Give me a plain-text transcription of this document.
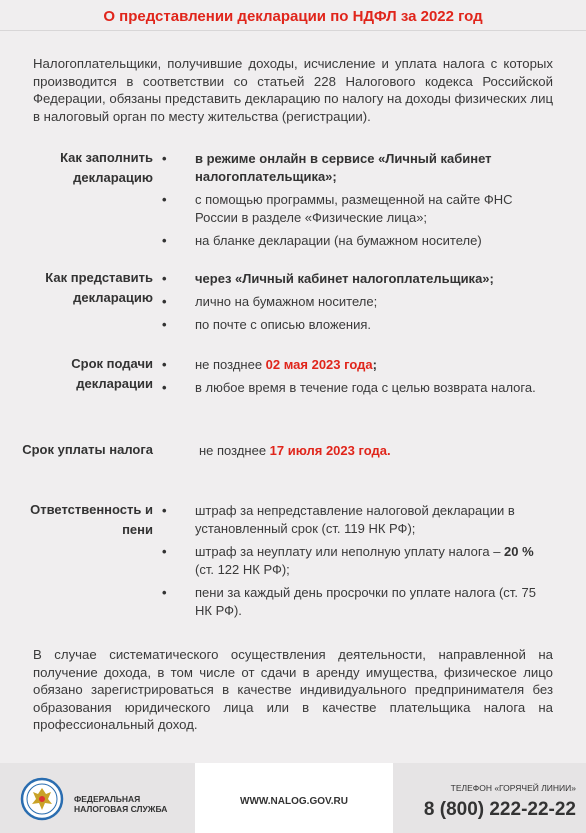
О представлении декларации по НДФЛ за 2022 год
Налогоплательщики, получившие доходы, исчисление и уплата налога с которых производится в соответствии со статьей 228 Налогового кодекса Российской Федерации, обязаны представить декларацию по налогу на доходы физических лиц в налоговый орган по месту жительства (регистрации).
Как заполнить декларацию
• в режиме онлайн в сервисе «Личный кабинет налогоплательщика»;
• с помощью программы, размещенной на сайте ФНС России в разделе «Физические лица»;
• на бланке декларации (на бумажном носителе)
Как представить декларацию
• через «Личный кабинет налогоплательщика»;
• лично на бумажном носителе;
• по почте с описью вложения.
Срок подачи декларации
• не позднее 02 мая 2023 года;
• в любое время в течение года с целью возврата налога.
Срок уплаты налога	не позднее 17 июля 2023 года.
Ответственность и пени
• штраф за непредставление налоговой декларации в установленный срок (ст. 119 НК РФ);
• штраф за неуплату или неполную уплату налога – 20 % (ст. 122 НК РФ);
• пени за каждый день просрочки по уплате налога (ст. 75 НК РФ).
В случае систематического осуществления деятельности, направленной на получение дохода, в том числе от сдачи в аренду имущества, физическое лицо обязано зарегистрироваться в качестве индивидуального предпринимателя без образования юридического лица или в качестве плательщика налога на профессиональный доход.
ФЕДЕРАЛЬНАЯ
НАЛОГОВАЯ СЛУЖБА
WWW.NALOG.GOV.RU
ТЕЛЕФОН «ГОРЯЧЕЙ ЛИНИИ»
8 (800) 222-22-22
